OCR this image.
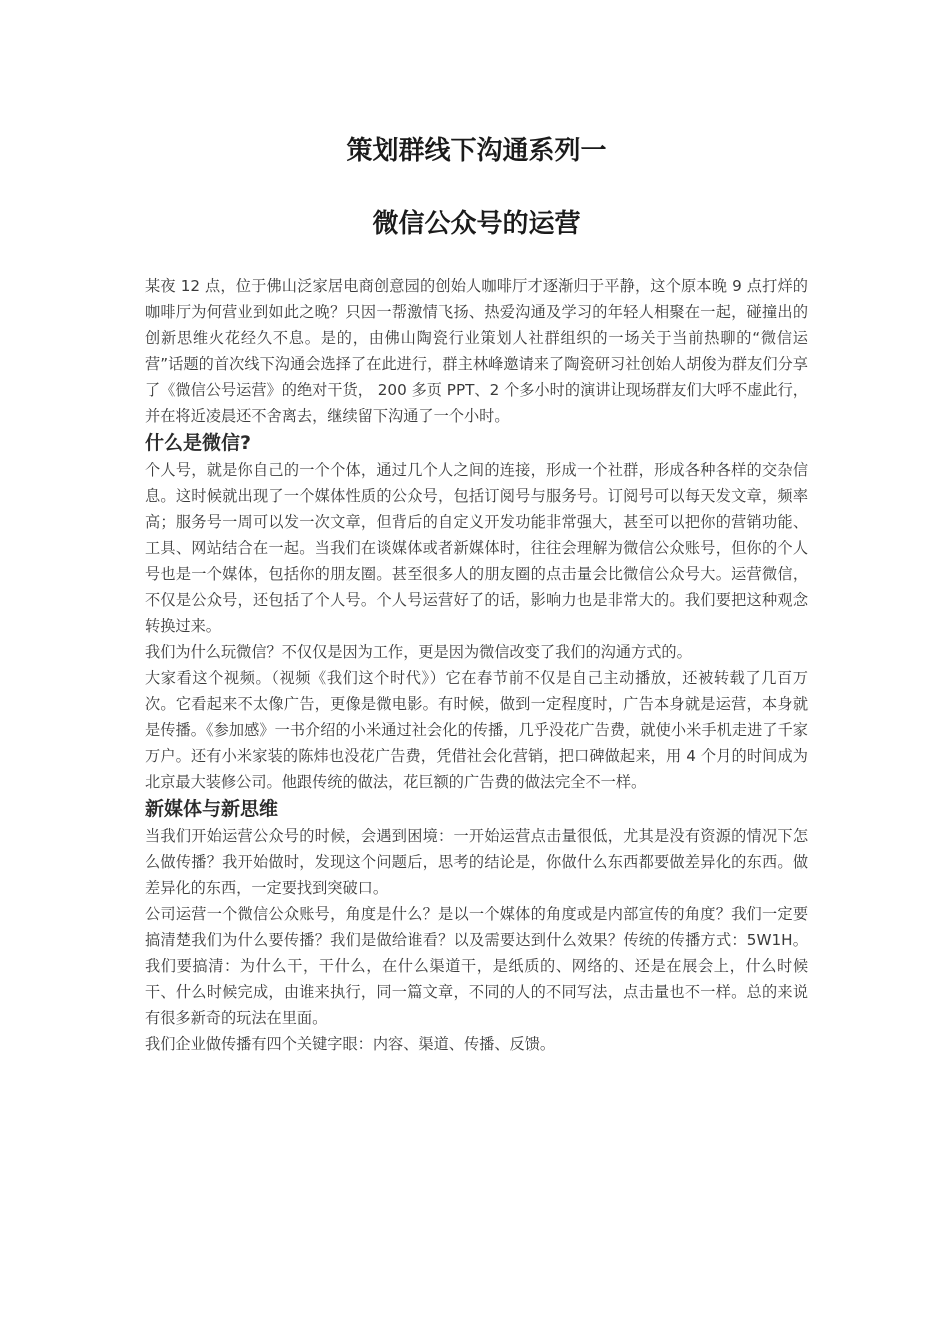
策划群线下沟通系列一
微信公众号的运营

某夜 12 点，位于佛山泛家居电商创意园的创始人咖啡厅才逐渐归于平静，这个原本晚 9 点打烊的咖啡厅为何营业到如此之晚？只因一帮激情飞扬、热爱沟通及学习的年轻人相聚在一起，碰撞出的创新思维火花经久不息。是的，由佛山陶瓷行业策划人社群组织的一场关于当前热聊的“微信运营”话题的首次线下沟通会选择了在此进行，群主林峰邀请来了陶瓷研习社创始人胡俊为群友们分享了《微信公号运营》的绝对干货， 200 多页 PPT、2 个多小时的演讲让现场群友们大呼不虚此行，并在将近凌晨还不舍离去，继续留下沟通了一个小时。

什么是微信?

个人号，就是你自己的一个个体，通过几个人之间的连接，形成一个社群，形成各种各样的交杂信息。这时候就出现了一个媒体性质的公众号，包括订阅号与服务号。订阅号可以每天发文章，频率高；服务号一周可以发一次文章，但背后的自定义开发功能非常强大，甚至可以把你的营销功能、工具、网站结合在一起。当我们在谈媒体或者新媒体时，往往会理解为微信公众账号，但你的个人号也是一个媒体，包括你的朋友圈。甚至很多人的朋友圈的点击量会比微信公众号大。运营微信，不仅是公众号，还包括了个人号。个人号运营好了的话，影响力也是非常大的。我们要把这种观念转换过来。

我们为什么玩微信？不仅仅是因为工作，更是因为微信改变了我们的沟通方式的。

大家看这个视频。（视频《我们这个时代》）它在春节前不仅是自己主动播放，还被转载了几百万次。它看起来不太像广告，更像是微电影。有时候，做到一定程度时，广告本身就是运营，本身就是传播。《参加感》一书介绍的小米通过社会化的传播，几乎没花广告费，就使小米手机走进了千家万户。还有小米家装的陈炜也没花广告费，凭借社会化营销，把口碑做起来，用 4 个月的时间成为北京最大装修公司。他跟传统的做法，花巨额的广告费的做法完全不一样。

新媒体与新思维

当我们开始运营公众号的时候，会遇到困境：一开始运营点击量很低，尤其是没有资源的情况下怎么做传播？我开始做时，发现这个问题后，思考的结论是，你做什么东西都要做差异化的东西。做差异化的东西，一定要找到突破口。

公司运营一个微信公众账号，角度是什么？是以一个媒体的角度或是内部宣传的角度？我们一定要搞清楚我们为什么要传播？我们是做给谁看？以及需要达到什么效果？传统的传播方式：5W1H。我们要搞清：为什么干，干什么，在什么渠道干，是纸质的、网络的、还是在展会上，什么时候干、什么时候完成，由谁来执行，同一篇文章，不同的人的不同写法，点击量也不一样。总的来说有很多新奇的玩法在里面。

我们企业做传播有四个关键字眼：内容、渠道、传播、反馈。
